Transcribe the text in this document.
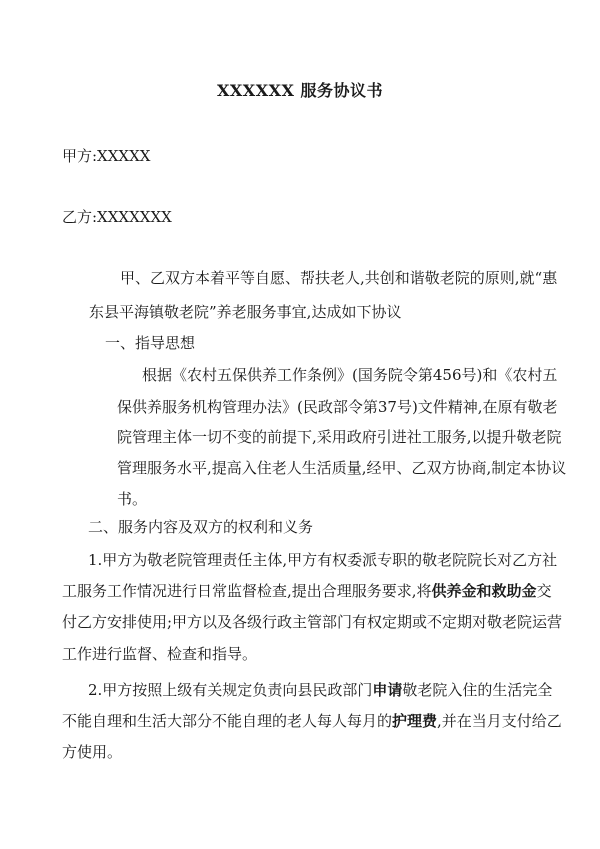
XXXXXX 服务协议书
甲方:XXXXX
乙方:XXXXXXX
甲、乙双方本着平等自愿、帮扶老人,共创和谐敬老院的原则,就“惠
东县平海镇敬老院”养老服务事宜,达成如下协议
一、指导思想
根据《农村五保供养工作条例》(国务院令第456号)和《农村五
保供养服务机构管理办法》(民政部令第37号)文件精神,在原有敬老
院管理主体一切不变的前提下,采用政府引进社工服务,以提升敬老院
管理服务水平,提高入住老人生活质量,经甲、乙双方协商,制定本协议
书。
二、服务内容及双方的权利和义务
1.甲方为敬老院管理责任主体,甲方有权委派专职的敬老院院长对乙方社
工服务工作情况进行日常监督检查,提出合理服务要求,将供养金和救助金交
付乙方安排使用;甲方以及各级行政主管部门有权定期或不定期对敬老院运营
工作进行监督、检查和指导。
2.甲方按照上级有关规定负责向县民政部门申请敬老院入住的生活完全
不能自理和生活大部分不能自理的老人每人每月的护理费,并在当月支付给乙
方使用。
